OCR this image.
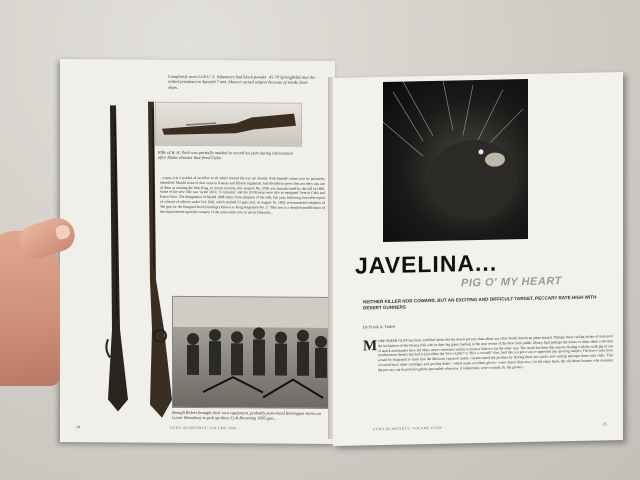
Completely worn Colt U. S. Volunteers had black-powder .45-70 Springfields that the settled proofmen to Spanish 7 mm. Mauser turned snipers because of smoke from shots.
Rifle of B. H. Park was partially marked to record his part during intervention after Maine disaster that freed Cuba.
...a gun; it is a symbol of an effort to all others toward the war we cherish. Park himself cannot now be positively identified. Should some of that came in Kansas and Illinois regiments, had decided to press first not deny any use of them as running the Park Krag. In recent revision, this weapon No. 2796 was manufactured by the fall of 1898. Some of the new rifle was 'in the 3rd U. S. Infantry,' and the 3rd Kansas were also so equipped. Sent to Cuba and Puerto Rico. The designation of Model 1898 stems from adoption of the rifle, last year, following favorable report of a board of officers under Col. Hall, which studied 53 guns and, on August 16, 1892, recommended adoption of 'the gun for the Rangord level (cartridge) known as Krag-Jorgensen No. 5.' This arm is a detailed modification of the improvement upon the weapon of the same name now in use in Denmark...
Brough Riders brought their own equipment, probably patronized Remington stores on Lower Broadway to pick up these Colt-Browning 1895 gun...
24	GUNS QUARTERLY, VOLUME ONE
JAVELINA...
PIG O' MY HEART
NEITHER KILLER NOR COWARD, BUT AN EXCITING AND DIFFICULT TARGET, PECCARY RATE HIGH WITH DESERT GUNNERS
By Frank A. Tinker
M ORE SHEER GUFF has been scribbled about the dry desert peccary than about any other North American game animal. Perhaps these curling inches of tusk prod the inclination of the literary folk who in their big game hunting in the near rooms of the New York public library, find perhaps the desire to relate these wild tales of attack and murder have led other, more conformist writers to learn a little too far the other way. The result has been that anyone dealing with the stalk-pig of our southwestern deserts has had to join either the 'he's a killer!' or 'He's a coward!' clan. And this is a poor way to approach any sporting subject. The havoc-may have would be chagrined to learn that the Mexican vaqueros nearly circumvented the javelina by driving them into packs and waiting amongst them with clubs. This occurred back when cartridges and javelina hides—which make excellent gloves—were dearer than now. On the other hand, the old desert hunters who maintain the peccary can be potted ought be persuaded otherwise, if indeed they were cowards, by the groans...
GUNS QUARTERLY, VOLUME FOUR
25
